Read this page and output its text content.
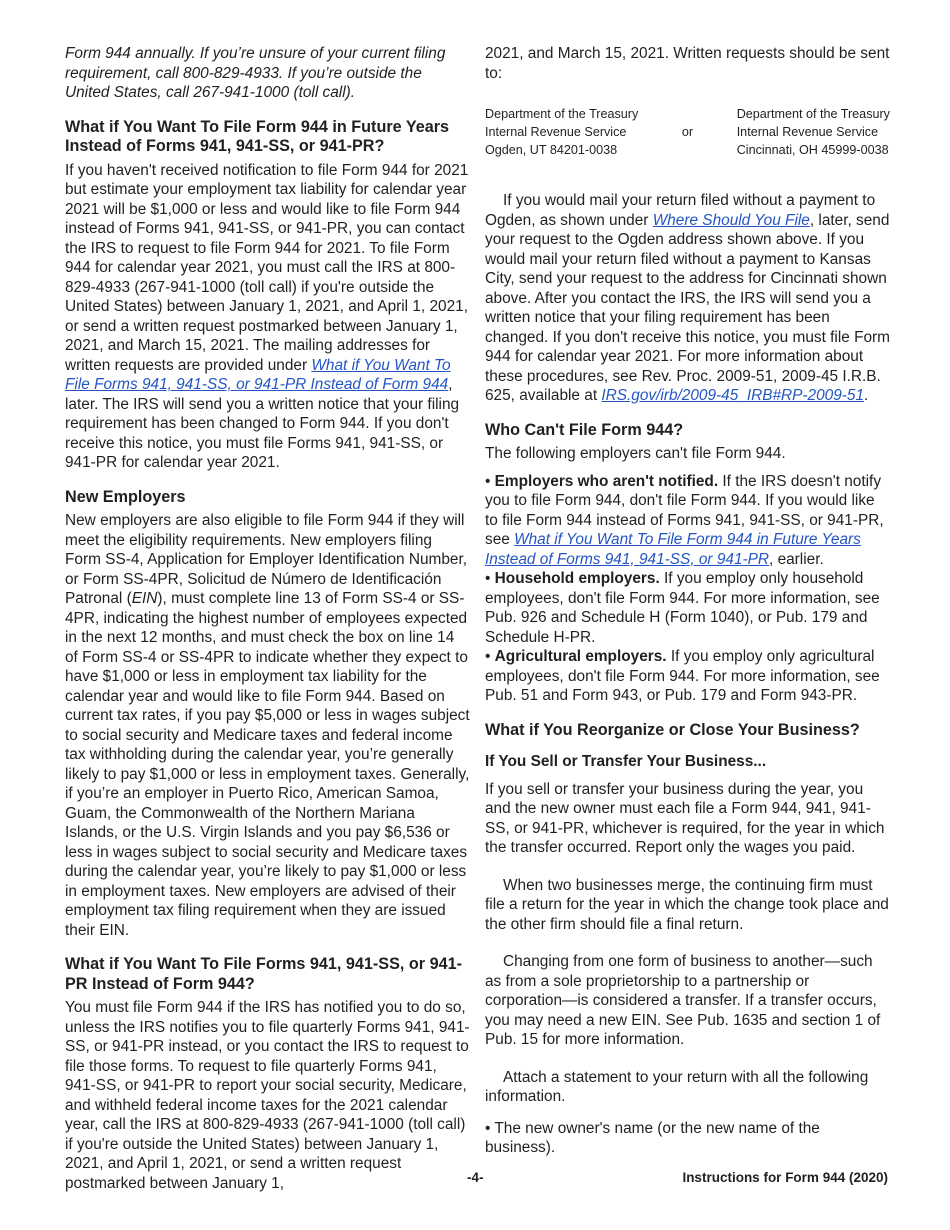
Form 944 annually. If you’re unsure of your current filing requirement, call 800-829-4933. If you’re outside the United States, call 267-941-1000 (toll call).

What if You Want To File Form 944 in Future Years Instead of Forms 941, 941-SS, or 941-PR?

If you haven't received notification to file Form 944 for 2021 but estimate your employment tax liability for calendar year 2021 will be $1,000 or less and would like to file Form 944 instead of Forms 941, 941-SS, or 941-PR, you can contact the IRS to request to file Form 944 for 2021. To file Form 944 for calendar year 2021, you must call the IRS at 800-829-4933 (267-941-1000 (toll call) if you're outside the United States) between January 1, 2021, and April 1, 2021, or send a written request postmarked between January 1, 2021, and March 15, 2021. The mailing addresses for written requests are provided under What if You Want To File Forms 941, 941-SS, or 941-PR Instead of Form 944, later. The IRS will send you a written notice that your filing requirement has been changed to Form 944. If you don't receive this notice, you must file Forms 941, 941-SS, or 941-PR for calendar year 2021.

New Employers

New employers are also eligible to file Form 944 if they will meet the eligibility requirements. New employers filing Form SS-4, Application for Employer Identification Number, or Form SS-4PR, Solicitud de Número de Identificación Patronal (EIN), must complete line 13 of Form SS-4 or SS-4PR, indicating the highest number of employees expected in the next 12 months, and must check the box on line 14 of Form SS-4 or SS-4PR to indicate whether they expect to have $1,000 or less in employment tax liability for the calendar year and would like to file Form 944. Based on current tax rates, if you pay $5,000 or less in wages subject to social security and Medicare taxes and federal income tax withholding during the calendar year, you’re generally likely to pay $1,000 or less in employment taxes. Generally, if you’re an employer in Puerto Rico, American Samoa, Guam, the Commonwealth of the Northern Mariana Islands, or the U.S. Virgin Islands and you pay $6,536 or less in wages subject to social security and Medicare taxes during the calendar year, you’re likely to pay $1,000 or less in employment taxes. New employers are advised of their employment tax filing requirement when they are issued their EIN.

What if You Want To File Forms 941, 941-SS, or 941-PR Instead of Form 944?

You must file Form 944 if the IRS has notified you to do so, unless the IRS notifies you to file quarterly Forms 941, 941-SS, or 941-PR instead, or you contact the IRS to request to file those forms. To request to file quarterly Forms 941, 941-SS, or 941-PR to report your social security, Medicare, and withheld federal income taxes for the 2021 calendar year, call the IRS at 800-829-4933 (267-941-1000 (toll call) if you're outside the United States) between January 1, 2021, and April 1, 2021, or send a written request postmarked between January 1,

2021, and March 15, 2021. Written requests should be sent to:

Department of the Treasury
Internal Revenue Service
Ogden, UT 84201-0038
or
Department of the Treasury
Internal Revenue Service
Cincinnati, OH 45999-0038

If you would mail your return filed without a payment to Ogden, as shown under Where Should You File, later, send your request to the Ogden address shown above. If you would mail your return filed without a payment to Kansas City, send your request to the address for Cincinnati shown above. After you contact the IRS, the IRS will send you a written notice that your filing requirement has been changed. If you don't receive this notice, you must file Form 944 for calendar year 2021. For more information about these procedures, see Rev. Proc. 2009-51, 2009-45 I.R.B. 625, available at IRS.gov/irb/2009-45_IRB#RP-2009-51.

Who Can't File Form 944?

The following employers can't file Form 944.

• Employers who aren't notified. If the IRS doesn't notify you to file Form 944, don't file Form 944. If you would like to file Form 944 instead of Forms 941, 941-SS, or 941-PR, see What if You Want To File Form 944 in Future Years Instead of Forms 941, 941-SS, or 941-PR, earlier.

• Household employers. If you employ only household employees, don't file Form 944. For more information, see Pub. 926 and Schedule H (Form 1040), or Pub. 179 and Schedule H-PR.

• Agricultural employers. If you employ only agricultural employees, don't file Form 944. For more information, see Pub. 51 and Form 943, or Pub. 179 and Form 943-PR.

What if You Reorganize or Close Your Business?
If You Sell or Transfer Your Business...

If you sell or transfer your business during the year, you and the new owner must each file a Form 944, 941, 941-SS, or 941-PR, whichever is required, for the year in which the transfer occurred. Report only the wages you paid.

When two businesses merge, the continuing firm must file a return for the year in which the change took place and the other firm should file a final return.

Changing from one form of business to another—such as from a sole proprietorship to a partnership or corporation—is considered a transfer. If a transfer occurs, you may need a new EIN. See Pub. 1635 and section 1 of Pub. 15 for more information.

Attach a statement to your return with all the following information.

• The new owner's name (or the new name of the business).

-4-	Instructions for Form 944 (2020)
